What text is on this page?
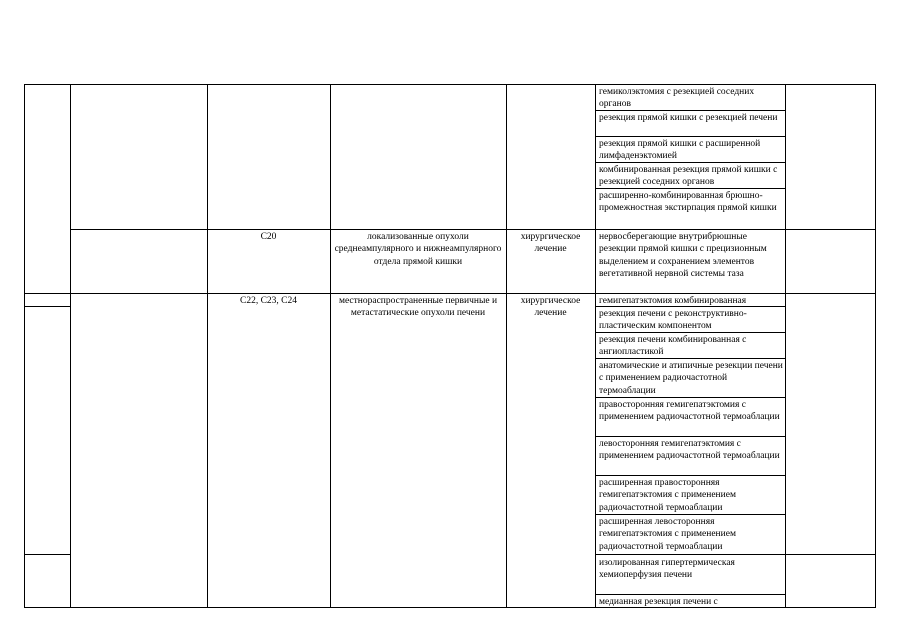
гемиколэктомия с резекцией соседних органов
резекция прямой кишки с резекцией печени
резекция прямой кишки с расширенной лимфаденэктомией
комбинированная резекция прямой кишки с резекцией соседних органов
расширенно-комбинированная брюшно-промежностная экстирпация прямой кишки
C20	локализованные опухоли среднеампулярного и нижнеампулярного отдела прямой кишки
хирургическое лечение
нервосберегающие внутрибрюшные резекции прямой кишки с прецизионным выделением и сохранением элементов вегетативной нервной системы таза
C22, C23, C24	местнораспространенные первичные и метастатические опухоли печени
хирургическое лечение
гемигепатэктомия комбинированная
резекция печени с реконструктивно-пластическим компонентом
резекция печени комбинированная с ангиопластикой
анатомические и атипичные резекции печени с применением радиочастотной термоаблации
правосторонняя гемигепатэктомия с применением радиочастотной термоаблации
левосторонняя гемигепатэктомия с применением радиочастотной термоаблации
расширенная правосторонняя гемигепатэктомия с применением радиочастотной термоаблации
расширенная левосторонняя гемигепатэктомия с применением радиочастотной термоаблации
изолированная гипертермическая хемиоперфузия печени
медианная резекция печени с
